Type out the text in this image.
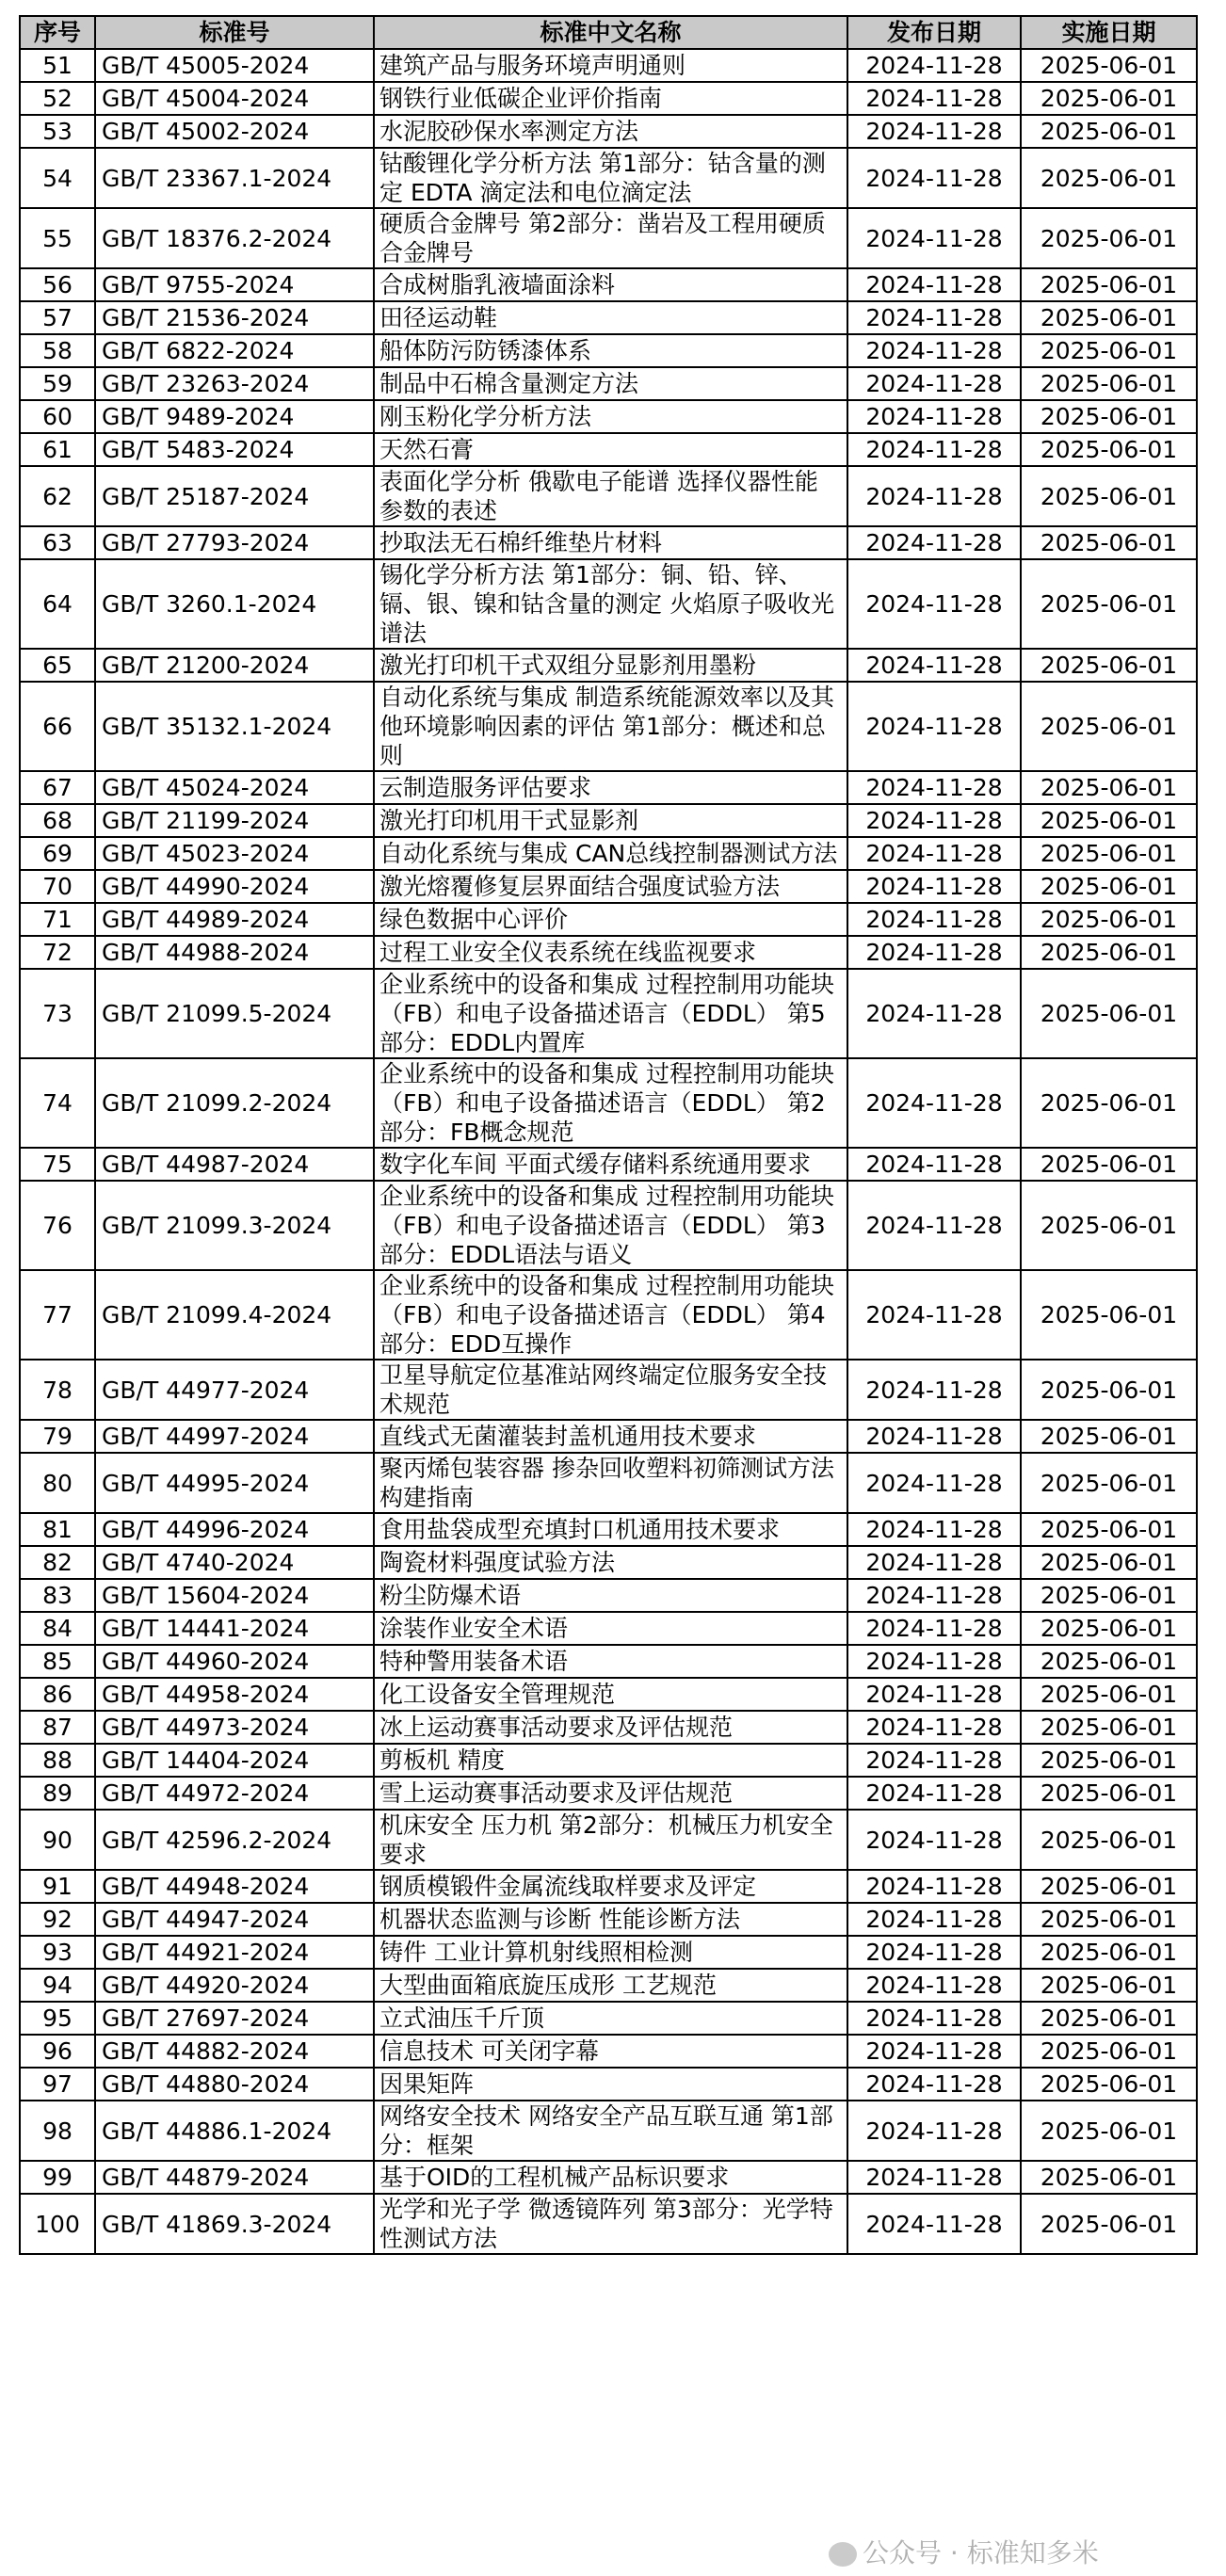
序号	标准号	标准中文名称	发布日期	实施日期
51	GB/T 45005-2024	建筑产品与服务环境声明通则	2024-11-28	2025-06-01
52	GB/T 45004-2024	钢铁行业低碳企业评价指南	2024-11-28	2025-06-01
53	GB/T 45002-2024	水泥胶砂保水率测定方法	2024-11-28	2025-06-01
54	GB/T 23367.1-2024	钴酸锂化学分析方法 第1部分：钴含量的测定 EDTA 滴定法和电位滴定法	2024-11-28	2025-06-01
55	GB/T 18376.2-2024	硬质合金牌号 第2部分：凿岩及工程用硬质合金牌号	2024-11-28	2025-06-01
56	GB/T 9755-2024	合成树脂乳液墙面涂料	2024-11-28	2025-06-01
57	GB/T 21536-2024	田径运动鞋	2024-11-28	2025-06-01
58	GB/T 6822-2024	船体防污防锈漆体系	2024-11-28	2025-06-01
59	GB/T 23263-2024	制品中石棉含量测定方法	2024-11-28	2025-06-01
60	GB/T 9489-2024	刚玉粉化学分析方法	2024-11-28	2025-06-01
61	GB/T 5483-2024	天然石膏	2024-11-28	2025-06-01
62	GB/T 25187-2024	表面化学分析 俄歇电子能谱 选择仪器性能参数的表述	2024-11-28	2025-06-01
63	GB/T 27793-2024	抄取法无石棉纤维垫片材料	2024-11-28	2025-06-01
64	GB/T 3260.1-2024	锡化学分析方法 第1部分：铜、铅、锌、镉、银、镍和钴含量的测定 火焰原子吸收光谱法	2024-11-28	2025-06-01
65	GB/T 21200-2024	激光打印机干式双组分显影剂用墨粉	2024-11-28	2025-06-01
66	GB/T 35132.1-2024	自动化系统与集成 制造系统能源效率以及其他环境影响因素的评估 第1部分：概述和总则	2024-11-28	2025-06-01
67	GB/T 45024-2024	云制造服务评估要求	2024-11-28	2025-06-01
68	GB/T 21199-2024	激光打印机用干式显影剂	2024-11-28	2025-06-01
69	GB/T 45023-2024	自动化系统与集成 CAN总线控制器测试方法	2024-11-28	2025-06-01
70	GB/T 44990-2024	激光熔覆修复层界面结合强度试验方法	2024-11-28	2025-06-01
71	GB/T 44989-2024	绿色数据中心评价	2024-11-28	2025-06-01
72	GB/T 44988-2024	过程工业安全仪表系统在线监视要求	2024-11-28	2025-06-01
73	GB/T 21099.5-2024	企业系统中的设备和集成 过程控制用功能块（FB）和电子设备描述语言（EDDL） 第5部分：EDDL内置库	2024-11-28	2025-06-01
74	GB/T 21099.2-2024	企业系统中的设备和集成 过程控制用功能块（FB）和电子设备描述语言（EDDL） 第2部分：FB概念规范	2024-11-28	2025-06-01
75	GB/T 44987-2024	数字化车间 平面式缓存储料系统通用要求	2024-11-28	2025-06-01
76	GB/T 21099.3-2024	企业系统中的设备和集成 过程控制用功能块（FB）和电子设备描述语言（EDDL） 第3部分：EDDL语法与语义	2024-11-28	2025-06-01
77	GB/T 21099.4-2024	企业系统中的设备和集成 过程控制用功能块（FB）和电子设备描述语言（EDDL） 第4部分：EDD互操作	2024-11-28	2025-06-01
78	GB/T 44977-2024	卫星导航定位基准站网终端定位服务安全技术规范	2024-11-28	2025-06-01
79	GB/T 44997-2024	直线式无菌灌装封盖机通用技术要求	2024-11-28	2025-06-01
80	GB/T 44995-2024	聚丙烯包装容器 掺杂回收塑料初筛测试方法构建指南	2024-11-28	2025-06-01
81	GB/T 44996-2024	食用盐袋成型充填封口机通用技术要求	2024-11-28	2025-06-01
82	GB/T 4740-2024	陶瓷材料强度试验方法	2024-11-28	2025-06-01
83	GB/T 15604-2024	粉尘防爆术语	2024-11-28	2025-06-01
84	GB/T 14441-2024	涂装作业安全术语	2024-11-28	2025-06-01
85	GB/T 44960-2024	特种警用装备术语	2024-11-28	2025-06-01
86	GB/T 44958-2024	化工设备安全管理规范	2024-11-28	2025-06-01
87	GB/T 44973-2024	冰上运动赛事活动要求及评估规范	2024-11-28	2025-06-01
88	GB/T 14404-2024	剪板机 精度	2024-11-28	2025-06-01
89	GB/T 44972-2024	雪上运动赛事活动要求及评估规范	2024-11-28	2025-06-01
90	GB/T 42596.2-2024	机床安全 压力机 第2部分：机械压力机安全要求	2024-11-28	2025-06-01
91	GB/T 44948-2024	钢质模锻件金属流线取样要求及评定	2024-11-28	2025-06-01
92	GB/T 44947-2024	机器状态监测与诊断 性能诊断方法	2024-11-28	2025-06-01
93	GB/T 44921-2024	铸件 工业计算机射线照相检测	2024-11-28	2025-06-01
94	GB/T 44920-2024	大型曲面箱底旋压成形 工艺规范	2024-11-28	2025-06-01
95	GB/T 27697-2024	立式油压千斤顶	2024-11-28	2025-06-01
96	GB/T 44882-2024	信息技术 可关闭字幕	2024-11-28	2025-06-01
97	GB/T 44880-2024	因果矩阵	2024-11-28	2025-06-01
98	GB/T 44886.1-2024	网络安全技术 网络安全产品互联互通 第1部分：框架	2024-11-28	2025-06-01
99	GB/T 44879-2024	基于OID的工程机械产品标识要求	2024-11-28	2025-06-01
100	GB/T 41869.3-2024	光学和光子学 微透镜阵列 第3部分：光学特性测试方法	2024-11-28	2025-06-01
公众号 · 标准知多米
